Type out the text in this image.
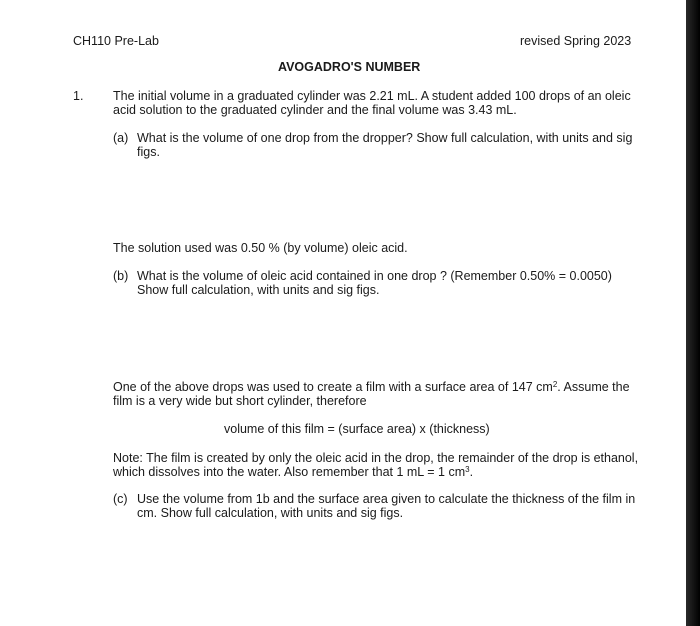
CH110 Pre-Lab	revised Spring 2023
AVOGADRO'S NUMBER
1. The initial volume in a graduated cylinder was 2.21 mL. A student added 100 drops of an oleic
acid solution to the graduated cylinder and the final volume was 3.43 mL.
(a) What is the volume of one drop from the dropper? Show full calculation, with units and sig
figs.
The solution used was 0.50 % (by volume) oleic acid.
(b) What is the volume of oleic acid contained in one drop ? (Remember 0.50% = 0.0050)
Show full calculation, with units and sig figs.
One of the above drops was used to create a film with a surface area of 147 $cm^2$. Assume the
film is a very wide but short cylinder, therefore
volume of this film = (surface area) x (thickness)
Note: The film is created by only the oleic acid in the drop, the remainder of the drop is ethanol,
which dissolves into the water. Also remember that 1 mL = 1 $cm^3$.
(c) Use the volume from 1b and the surface area given to calculate the thickness of the film in
cm. Show full calculation, with units and sig figs.
